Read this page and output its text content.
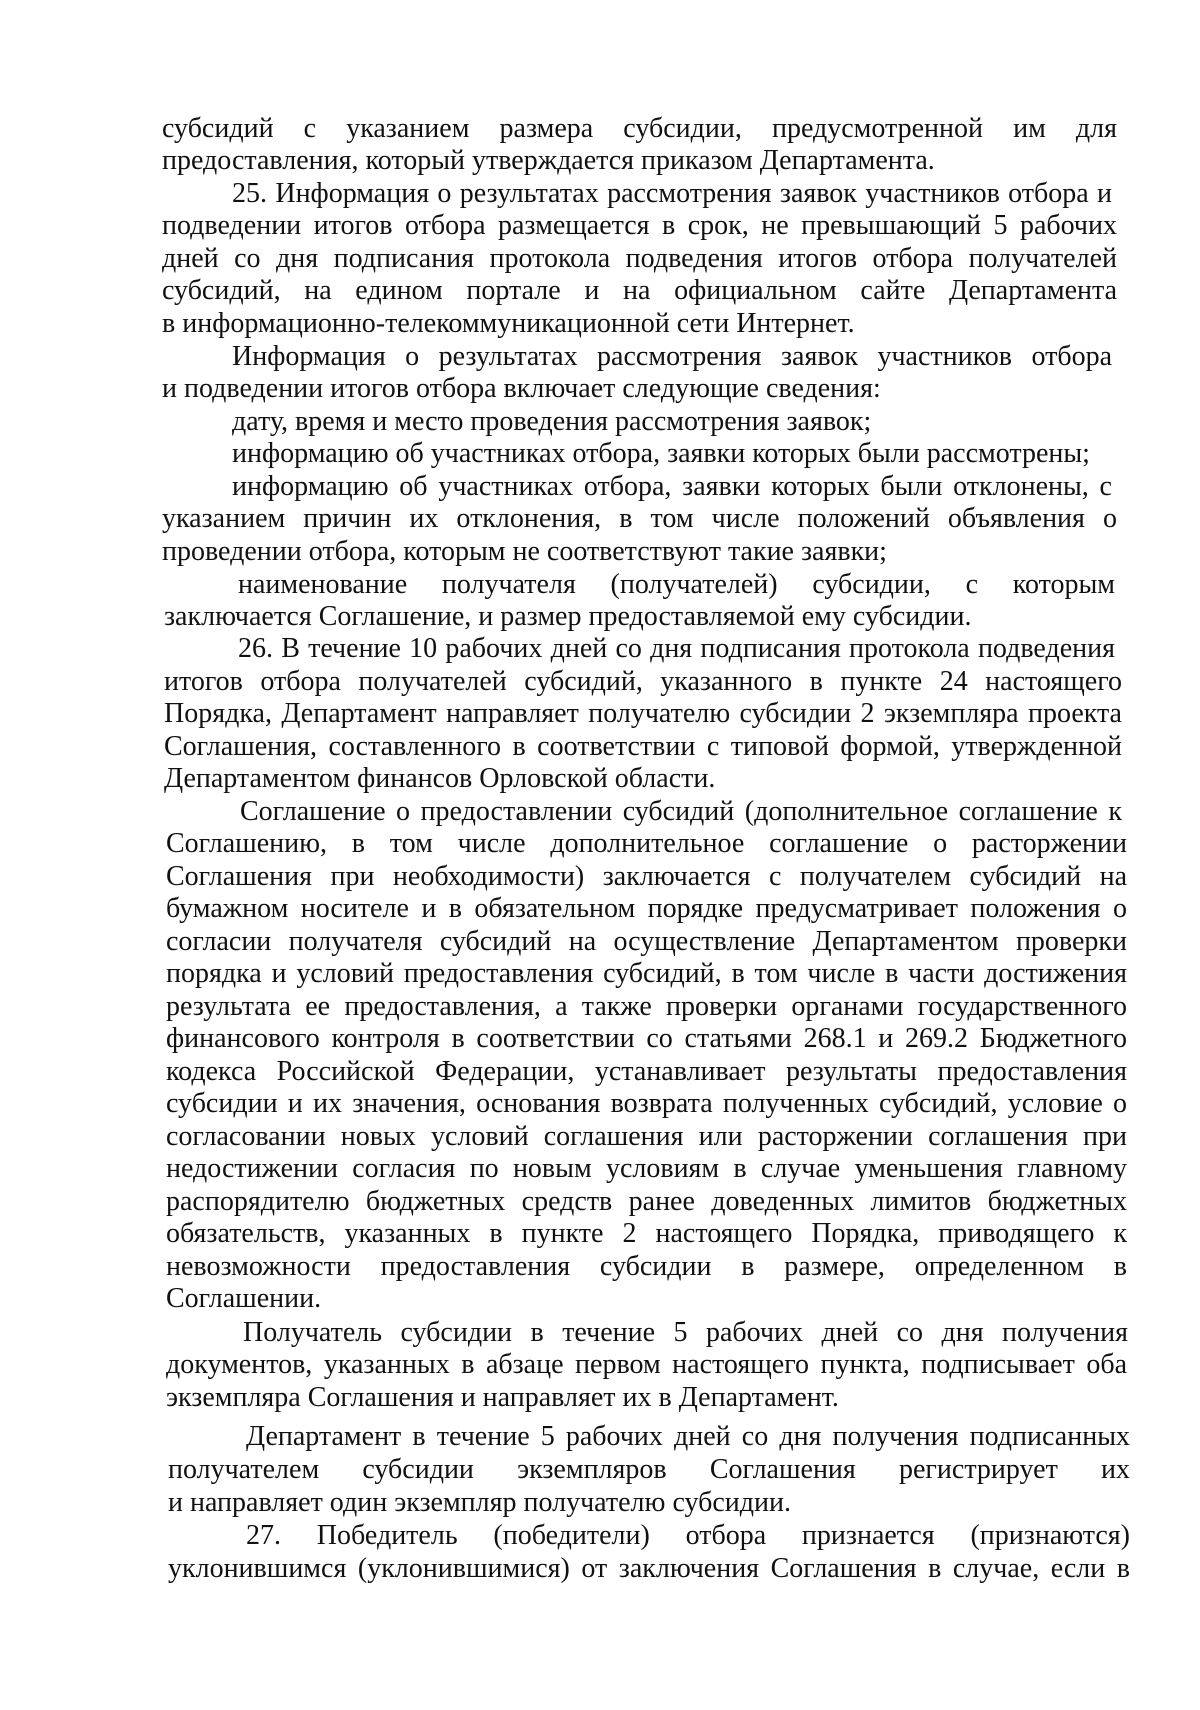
субсидий с указанием размера субсидии, предусмотренной им для
предоставления, который утверждается приказом Департамента.
25. Информация о результатах рассмотрения заявок участников отбора и
подведении итогов отбора размещается в срок, не превышающий 5 рабочих
дней со дня подписания протокола подведения итогов отбора получателей
субсидий, на едином портале и на официальном сайте Департамента
в информационно-телекоммуникационной сети Интернет.
Информация о результатах рассмотрения заявок участников отбора
и подведении итогов отбора включает следующие сведения:
дату, время и место проведения рассмотрения заявок;
информацию об участниках отбора, заявки которых были рассмотрены;
информацию об участниках отбора, заявки которых были отклонены, с
указанием причин их отклонения, в том числе положений объявления о
проведении отбора, которым не соответствуют такие заявки;
наименование получателя (получателей) субсидии, с которым
заключается Соглашение, и размер предоставляемой ему субсидии.
26. В течение 10 рабочих дней со дня подписания протокола подведения
итогов отбора получателей субсидий, указанного в пункте 24 настоящего
Порядка, Департамент направляет получателю субсидии 2 экземпляра проекта
Соглашения, составленного в соответствии с типовой формой, утвержденной
Департаментом финансов Орловской области.
Соглашение о предоставлении субсидий (дополнительное соглашение к
Соглашению, в том числе дополнительное соглашение о расторжении
Соглашения при необходимости) заключается с получателем субсидий на
бумажном носителе и в обязательном порядке предусматривает положения о
согласии получателя субсидий на осуществление Департаментом проверки
порядка и условий предоставления субсидий, в том числе в части достижения
результата ее предоставления, а также проверки органами государственного
финансового контроля в соответствии со статьями 268.1 и 269.2 Бюджетного
кодекса Российской Федерации, устанавливает результаты предоставления
субсидии и их значения, основания возврата полученных субсидий, условие о
согласовании новых условий соглашения или расторжении соглашения при
недостижении согласия по новым условиям в случае уменьшения главному
распорядителю бюджетных средств ранее доведенных лимитов бюджетных
обязательств, указанных в пункте 2 настоящего Порядка, приводящего к
невозможности предоставления субсидии в размере, определенном в
Соглашении.
Получатель субсидии в течение 5 рабочих дней со дня получения
документов, указанных в абзаце первом настоящего пункта, подписывает оба
экземпляра Соглашения и направляет их в Департамент.
Департамент в течение 5 рабочих дней со дня получения подписанных
получателем субсидии экземпляров Соглашения регистрирует их
и направляет один экземпляр получателю субсидии.
27. Победитель (победители) отбора признается (признаются)
уклонившимся (уклонившимися) от заключения Соглашения в случае, если в
